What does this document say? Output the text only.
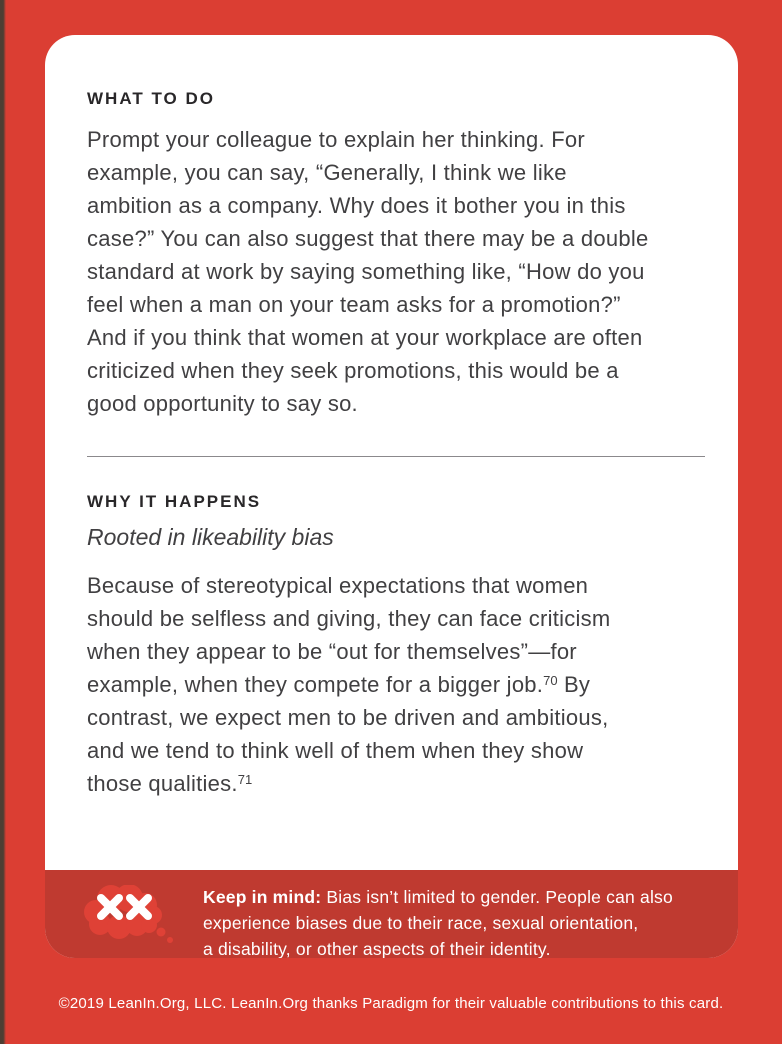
WHAT TO DO
Prompt your colleague to explain her thinking. For
example, you can say, “Generally, I think we like
ambition as a company. Why does it bother you in this
case?” You can also suggest that there may be a double
standard at work by saying something like, “How do you
feel when a man on your team asks for a promotion?”
And if you think that women at your workplace are often
criticized when they seek promotions, this would be a
good opportunity to say so.
WHY IT HAPPENS

Rooted in likeability bias

Because of stereotypical expectations that women
should be selfless and giving, they can face criticism
when they appear to be “out for themselves”—for
example, when they compete for a bigger job.$^{70}$ By
contrast, we expect men to be driven and ambitious,
and we tend to think well of them when they show
those qualities.$^{71}$
Keep in mind: Bias isn’t limited to gender. People can also
experience biases due to their race, sexual orientation,
a disability, or other aspects of their identity.
©2019 LeanIn.Org, LLC. LeanIn.Org thanks Paradigm for their valuable contributions to this card.
